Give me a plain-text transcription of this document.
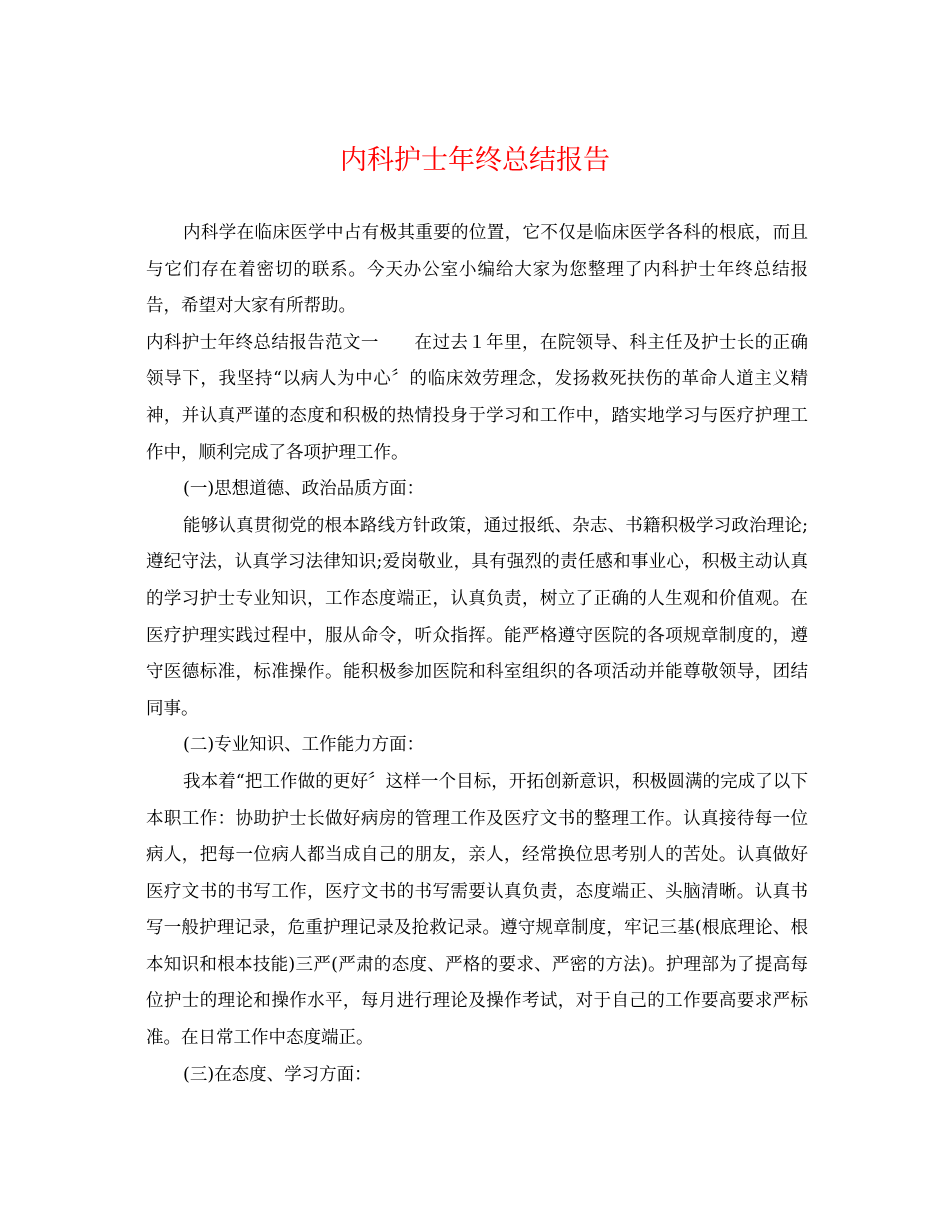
内科护士年终总结报告

内科学在临床医学中占有极其重要的位置，它不仅是临床医学各科的根底，而且与它们存在着密切的联系。今天办公室小编给大家为您整理了内科护士年终总结报告，希望对大家有所帮助。

内科护士年终总结报告范文一　　在过去１年里，在院领导、科主任及护士长的正确领导下，我坚持“以病人为中心〞的临床效劳理念，发扬救死扶伤的革命人道主义精神，并认真严谨的态度和积极的热情投身于学习和工作中，踏实地学习与医疗护理工作中，顺利完成了各项护理工作。

(一)思想道德、政治品质方面：

能够认真贯彻党的根本路线方针政策，通过报纸、杂志、书籍积极学习政治理论;遵纪守法，认真学习法律知识;爱岗敬业，具有强烈的责任感和事业心，积极主动认真的学习护士专业知识，工作态度端正，认真负责，树立了正确的人生观和价值观。在医疗护理实践过程中，服从命令，听众指挥。能严格遵守医院的各项规章制度的，遵守医德标准，标准操作。能积极参加医院和科室组织的各项活动并能尊敬领导，团结同事。

(二)专业知识、工作能力方面：

我本着“把工作做的更好〞这样一个目标，开拓创新意识，积极圆满的完成了以下本职工作：协助护士长做好病房的管理工作及医疗文书的整理工作。认真接待每一位病人，把每一位病人都当成自己的朋友，亲人，经常换位思考别人的苦处。认真做好医疗文书的书写工作，医疗文书的书写需要认真负责，态度端正、头脑清晰。认真书写一般护理记录，危重护理记录及抢救记录。遵守规章制度，牢记三基(根底理论、根本知识和根本技能)三严(严肃的态度、严格的要求、严密的方法)。护理部为了提高每位护士的理论和操作水平，每月进行理论及操作考试，对于自己的工作要高要求严标准。在日常工作中态度端正。

(三)在态度、学习方面：
